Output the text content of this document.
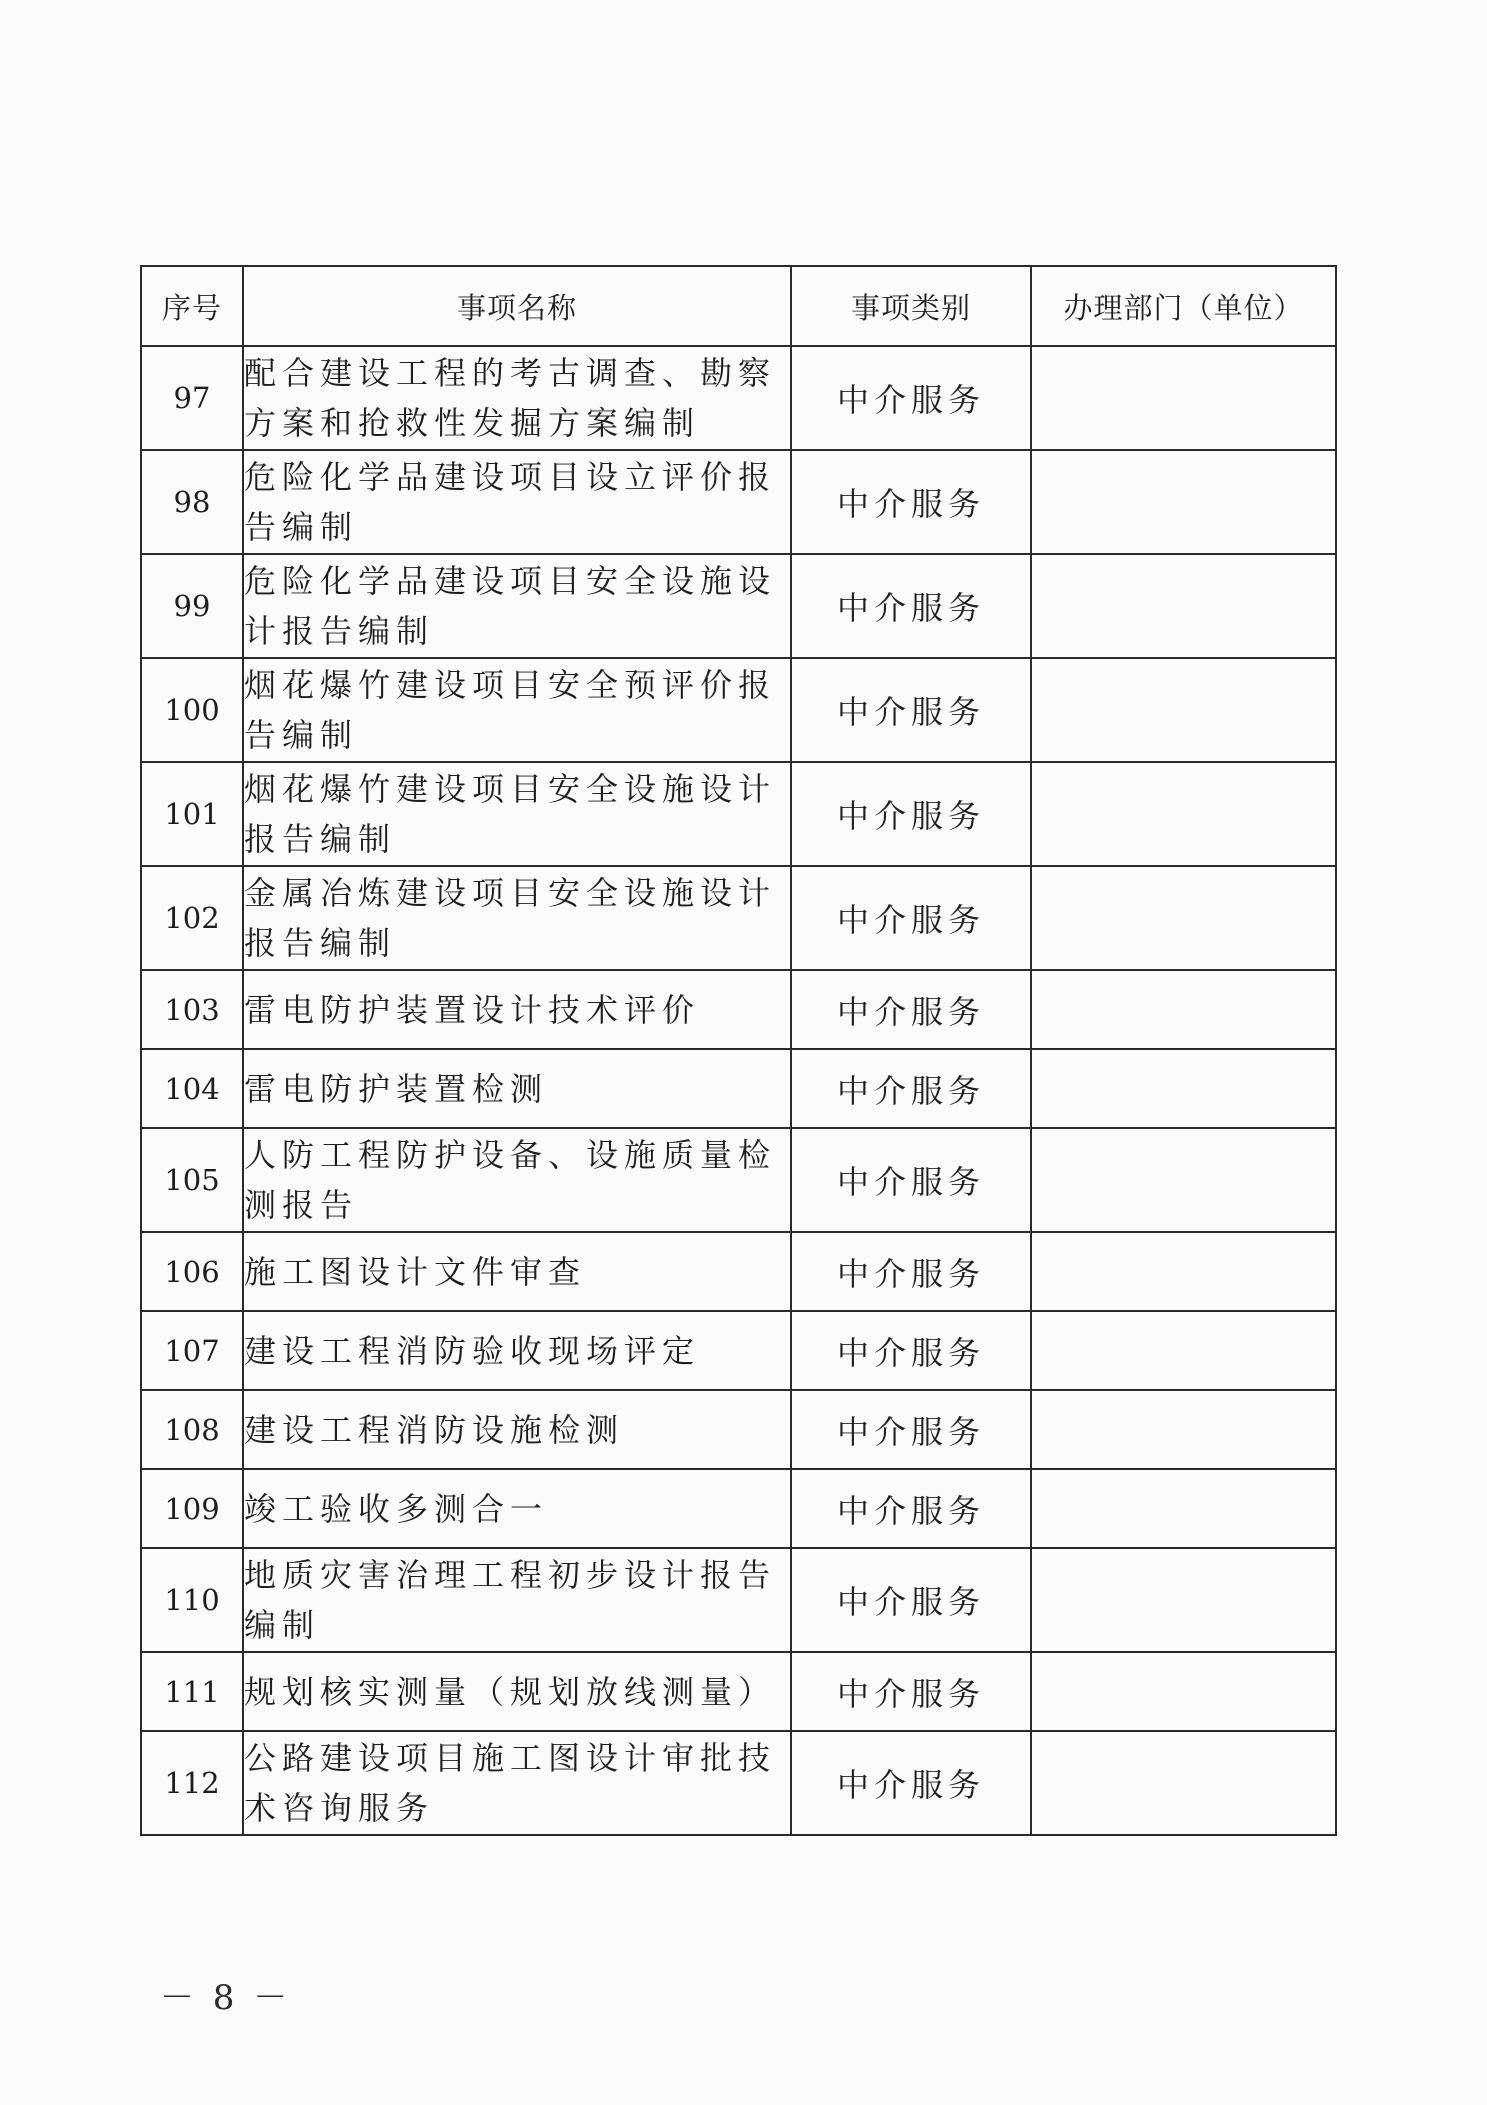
序号	事项名称	事项类别	办理部门（单位）
97	配合建设工程的考古调查、勘察方案和抢救性发掘方案编制	中介服务	
98	危险化学品建设项目设立评价报告编制	中介服务	
99	危险化学品建设项目安全设施设计报告编制	中介服务	
100	烟花爆竹建设项目安全预评价报告编制	中介服务	
101	烟花爆竹建设项目安全设施设计报告编制	中介服务	
102	金属冶炼建设项目安全设施设计报告编制	中介服务	
103	雷电防护装置设计技术评价	中介服务	
104	雷电防护装置检测	中介服务	
105	人防工程防护设备、设施质量检测报告	中介服务	
106	施工图设计文件审查	中介服务	
107	建设工程消防验收现场评定	中介服务	
108	建设工程消防设施检测	中介服务	
109	竣工验收多测合一	中介服务	
110	地质灾害治理工程初步设计报告编制	中介服务	
111	规划核实测量（规划放线测量）	中介服务	
112	公路建设项目施工图设计审批技术咨询服务	中介服务	
－ 8 －
